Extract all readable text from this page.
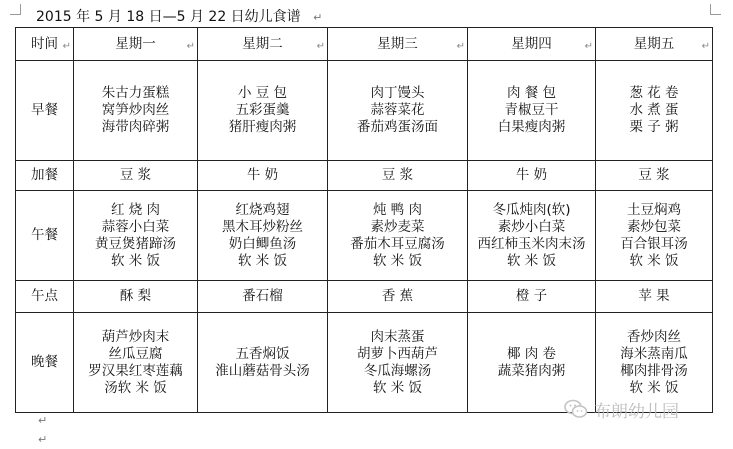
2015 年 5 月 18 日—5 月 22 日幼儿食谱 ↵
时间 ↵	星期一 ↵	星期二 ↵	星期三 ↵	星期四 ↵	星期五 ↵

早餐	朱古力蛋糕
窝笋炒肉丝
海带肉碎粥	小 豆 包
五彩蛋羹
猪肝瘦肉粥	肉丁馒头
蒜蓉菜花
番茄鸡蛋汤面	肉 餐 包
青椒豆干
白果瘦肉粥	葱 花 卷
水 煮 蛋
栗 子 粥

加餐	豆 浆	牛 奶	豆 浆	牛 奶	豆 浆

午餐	红 烧 肉
蒜蓉小白菜
黄豆煲猪蹄汤
软 米 饭	红烧鸡翅
黑木耳炒粉丝
奶白鲫鱼汤
软 米 饭	炖 鸭 肉
素炒麦菜
番茄木耳豆腐汤
软 米 饭	冬瓜炖肉(软)
素炒小白菜
西红柿玉米肉末汤
软 米 饭	土豆焖鸡
素炒包菜
百合银耳汤
软 米 饭

午点	酥 梨	番石榴	香 蕉	橙 子	苹 果

晚餐	葫芦炒肉末
丝瓜豆腐
罗汉果红枣莲藕
汤软 米 饭	五香焖饭
淮山蘑菇骨头汤	肉末蒸蛋
胡萝卜西葫芦
冬瓜海螺汤
软 米 饭	椰 肉 卷
蔬菜猪肉粥	香炒肉丝
海米蒸南瓜
椰肉排骨汤
软 米 饭
↵
↵
布朗幼儿园
